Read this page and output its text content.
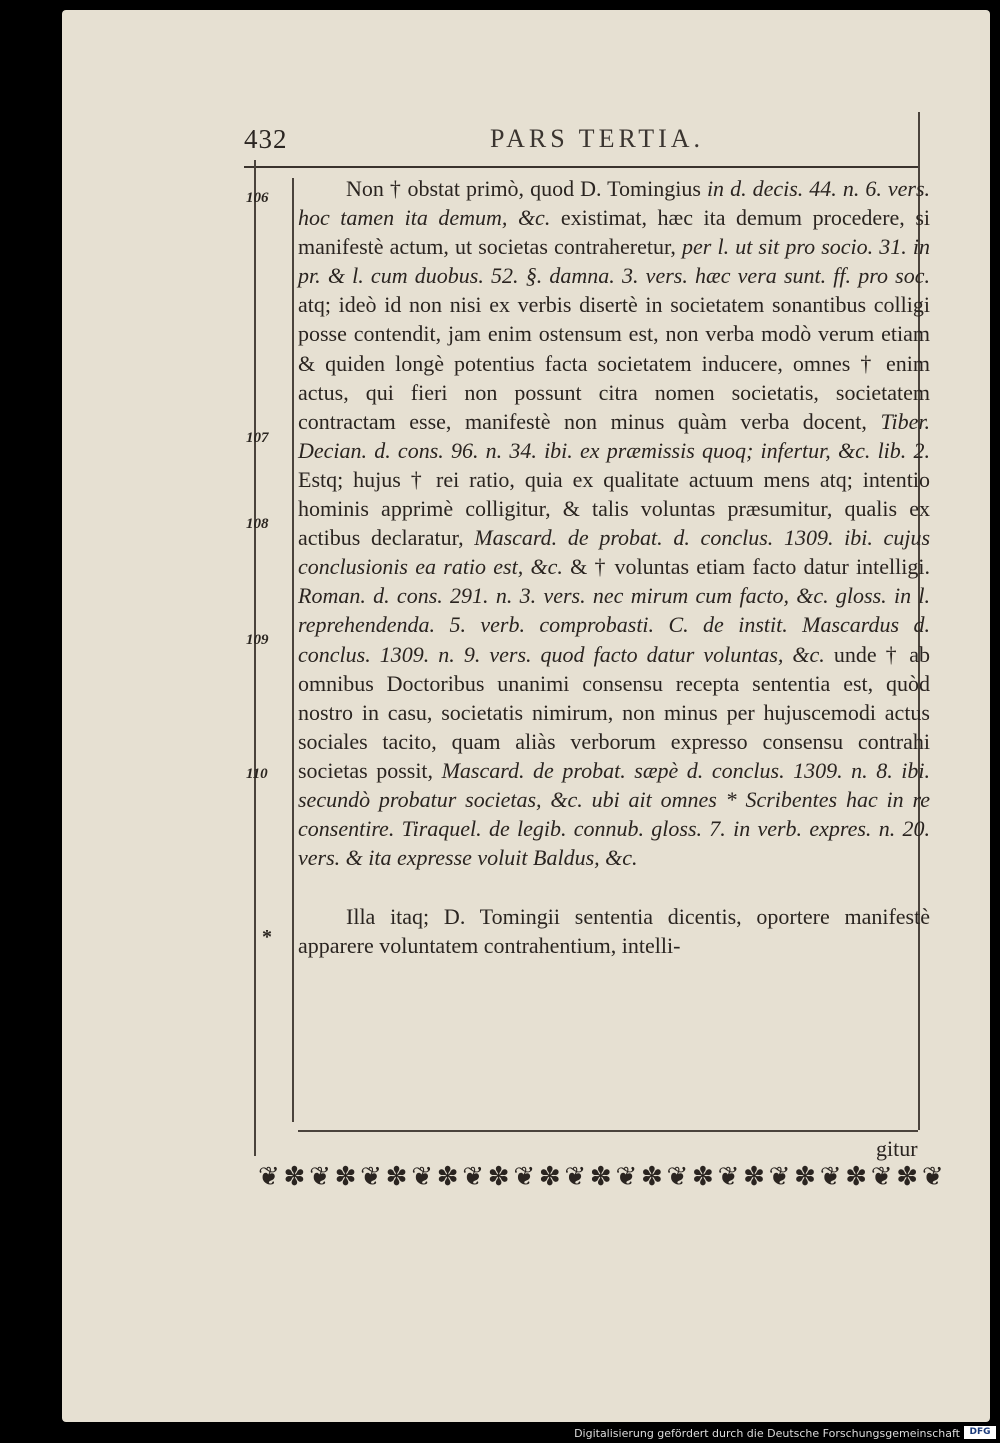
432	PARS TERTIA.
106
107
108
109
110
*

Non † obstat primò, quod D. Tomingius in d. decis. 44. n. 6. vers. hoc tamen ita demum, &c. existimat, hæc ita demum procedere, si manifestè actum, ut societas contraheretur, per l. ut sit pro socio. 31. in pr. & l. cum duobus. 52. §. damna. 3. vers. hæc vera sunt. ff. pro soc. atq; ideò id non nisi ex verbis disertè in societatem sonantibus colligi posse contendit, jam enim ostensum est, non verba modò verum etiam & quiden longè potentius facta societatem inducere, omnes † enim actus, qui fieri non possunt citra nomen societatis, societatem contractam esse, manifestè non minus quàm verba docent, Tiber. Decian. d. cons. 96. n. 34. ibi. ex præmissis quoq; infertur, &c. lib. 2. Estq; hujus † rei ratio, quia ex qualitate actuum mens atq; intentio hominis apprimè colligitur, & talis voluntas præsumitur, qualis ex actibus declaratur, Mascard. de probat. d. conclus. 1309. ibi. cujus conclusionis ea ratio est, &c. & † voluntas etiam facto datur intelligi. Roman. d. cons. 291. n. 3. vers. nec mirum cum facto, &c. gloss. in l. reprehendenda. 5. verb. comprobasti. C. de instit. Mascardus d. conclus. 1309. n. 9. vers. quod facto datur voluntas, &c. unde † ab omnibus Doctoribus unanimi consensu recepta sententia est, quòd nostro in casu, societatis nimirum, non minus per hujuscemodi actus sociales tacito, quam aliàs verborum expresso consensu contrahi societas possit, Mascard. de probat. sæpè d. conclus. 1309. n. 8. ibi. secundò probatur societas, &c. ubi ait omnes * Scribentes hac in re consentire. Tiraquel. de legib. connub. gloss. 7. in verb. expres. n. 20. vers. & ita expresse voluit Baldus, &c.

Illa itaq; D. Tomingii sententia dicentis, oportere manifestè apparere voluntatem contrahentium, intelli-

gitur
❦ ✽ ❦ ✽ ❦ ✽ ❦ ✽ ❦ ✽ ❦ ✽ ❦ ✽ ❦ ✽ ❦ ✽ ❦ ✽ ❦ ✽ ❦ ✽ ❦ ✽ ❦
Digitalisierung gefördert durch die Deutsche Forschungsgemeinschaft	DFG
